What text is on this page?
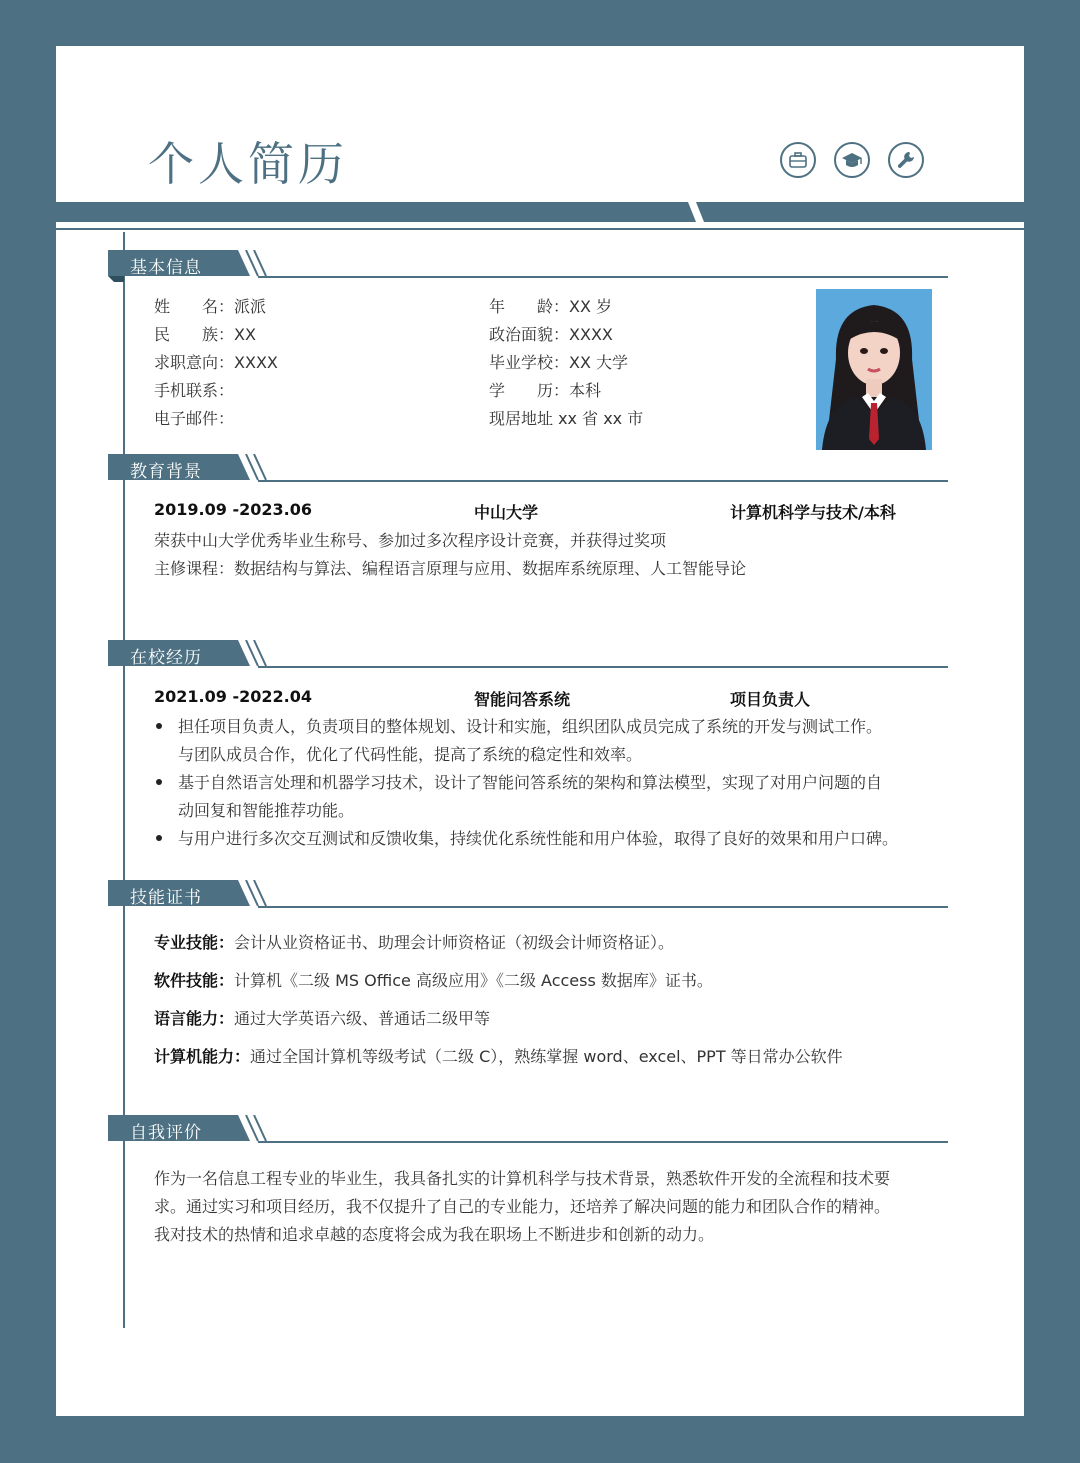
个人简历
基本信息
姓　　名：派派
民　　族：XX
求职意向：XXXX
手机联系：
电子邮件：
年　　龄：XX 岁
政治面貌：XXXX
毕业学校：XX 大学
学　　历：本科
现居地址 xx 省 xx 市
教育背景
2019.09 -2023.06	中山大学	计算机科学与技术/本科
荣获中山大学优秀毕业生称号、参加过多次程序设计竞赛，并获得过奖项
主修课程：数据结构与算法、编程语言原理与应用、数据库系统原理、人工智能导论
在校经历
2021.09 -2022.04	智能问答系统	项目负责人
担任项目负责人，负责项目的整体规划、设计和实施，组织团队成员完成了系统的开发与测试工作。
与团队成员合作，优化了代码性能，提高了系统的稳定性和效率。
基于自然语言处理和机器学习技术，设计了智能问答系统的架构和算法模型，实现了对用户问题的自
动回复和智能推荐功能。
与用户进行多次交互测试和反馈收集，持续优化系统性能和用户体验，取得了良好的效果和用户口碑。
技能证书
专业技能：会计从业资格证书、助理会计师资格证（初级会计师资格证）。
软件技能：计算机《二级 MS Office 高级应用》《二级 Access 数据库》证书。
语言能力：通过大学英语六级、普通话二级甲等
计算机能力：通过全国计算机等级考试（二级 C），熟练掌握 word、excel、PPT 等日常办公软件
自我评价
作为一名信息工程专业的毕业生，我具备扎实的计算机科学与技术背景，熟悉软件开发的全流程和技术要
求。通过实习和项目经历，我不仅提升了自己的专业能力，还培养了解决问题的能力和团队合作的精神。
我对技术的热情和追求卓越的态度将会成为我在职场上不断进步和创新的动力。
